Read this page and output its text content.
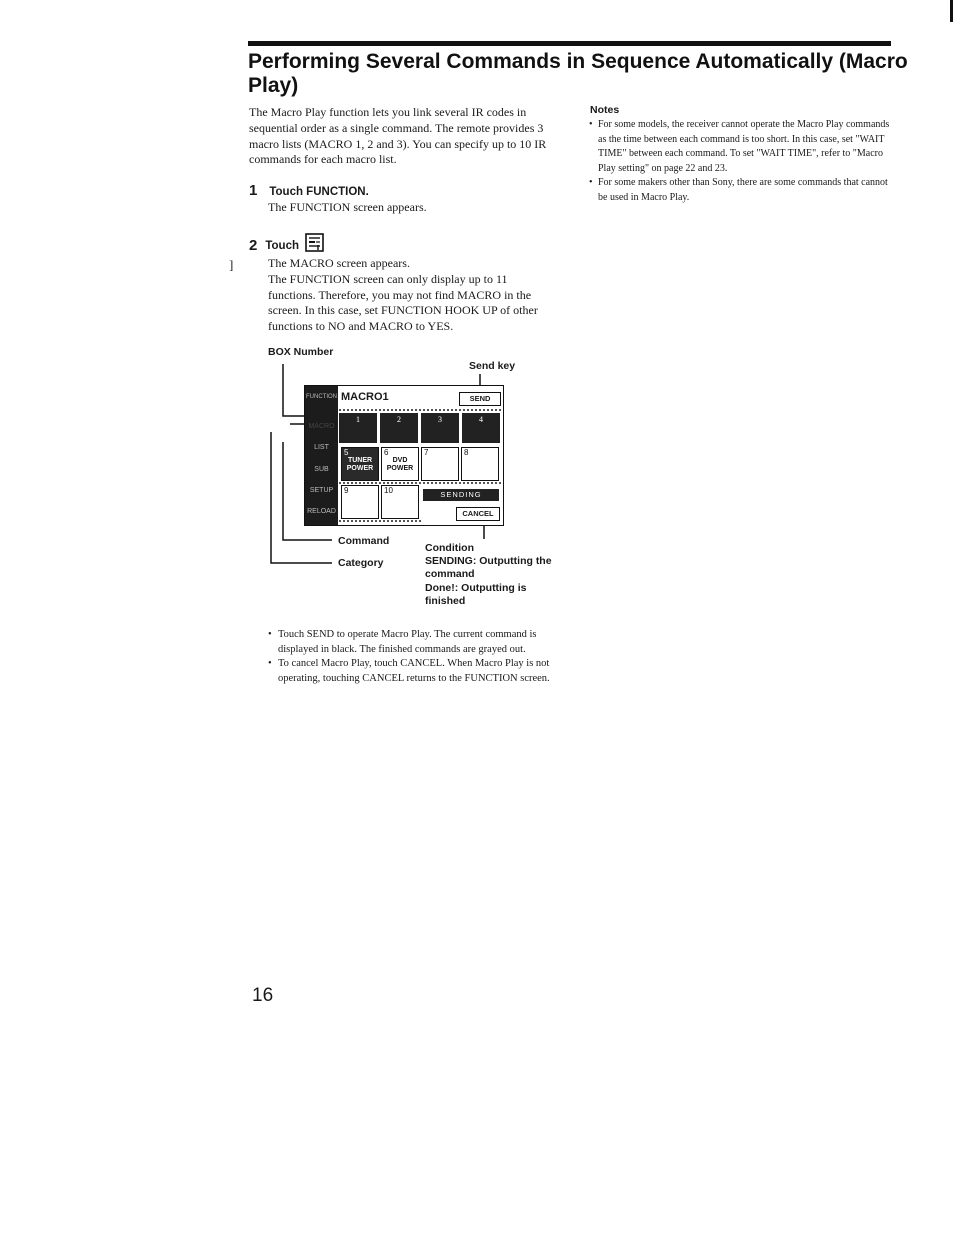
Performing Several Commands in Sequence Automatically (Macro Play)

The Macro Play function lets you link several IR codes in sequential order as a single command. The remote provides 3 macro lists (MACRO 1, 2 and 3). You can specify up to 10 IR commands for each macro list.

1 Touch FUNCTION.

The FUNCTION screen appears.

2 Touch

The MACRO screen appears.
The FUNCTION screen can only display up to 11 functions. Therefore, you may not find MACRO in the screen. In this case, set FUNCTION HOOK UP of other functions to NO and MACRO to YES.

]
Notes
• For some models, the receiver cannot operate the Macro Play commands as the time between each command is too short. In this case, set "WAIT TIME" between each command. To set "WAIT TIME", refer to "Macro Play setting" on page 22 and 23.
• For some makers other than Sony, there are some commands that cannot be used in Macro Play.
BOX Number
Send key
FUNCTION
MACRO
LIST
SUB
SETUP
RELOAD
MACRO1	SEND
1	2	3	4
5
TUNER POWER
6
DVD POWER
7	8
9	10	SENDING
CANCEL
Command
Category
Condition
SENDING: Outputting the command
Done!: Outputting is finished
• Touch SEND to operate Macro Play. The current command is displayed in black. The finished commands are grayed out.
• To cancel Macro Play, touch CANCEL. When Macro Play is not operating, touching CANCEL returns to the FUNCTION screen.
16
